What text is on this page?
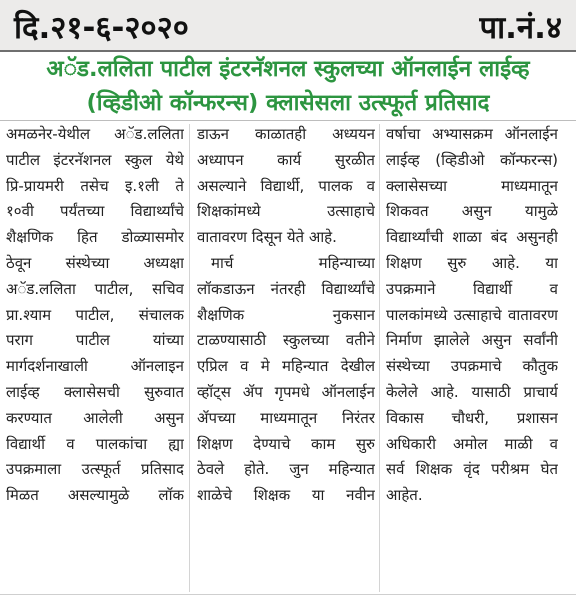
दि.२१-६-२०२०	पा.नं.४
अॅड.ललिता पाटील इंटरनॅशनल स्कुलच्या ऑनलाईन लाईव्ह
(व्हिडीओ कॉन्फरन्स) क्लासेसला उत्स्फूर्त प्रतिसाद
अमळनेर-येथील अॅड.ललिता
पाटील इंटरनॅशनल स्कुल येथे
प्रि-प्रायमरी तसेच इ.१ली ते
१०वी पर्यंतच्या विद्यार्थ्यांचे
शैक्षणिक हित डोळ्यासमोर
ठेवून संस्थेच्या अध्यक्षा
अॅड.ललिता पाटील, सचिव
प्रा.श्याम पाटील, संचालक
पराग पाटील यांच्या
मार्गदर्शनाखाली ऑनलाइन
लाईव्ह क्लासेसची सुरुवात
करण्यात आलेली असुन
विद्यार्थी व पालकांचा ह्या
उपक्रमाला उत्स्फूर्त प्रतिसाद
मिळत असल्यामुळे लॉक
डाऊन काळातही अध्ययन
अध्यापन कार्य सुरळीत
असल्याने विद्यार्थी, पालक व
शिक्षकांमध्ये उत्साहाचे
वातावरण दिसून येते आहे.
मार्च महिन्याच्या
लॉकडाऊन नंतरही विद्यार्थ्यांचे
शैक्षणिक नुकसान
टाळण्यासाठी स्कुलच्या वतीने
एप्रिल व मे महिन्यात देखील
व्हॉट्स ॲप गृपमधे ऑनलाईन
ॲपच्या माध्यमातून निरंतर
शिक्षण देण्याचे काम सुरु
ठेवले होते. जुन महिन्यात
शाळेचे शिक्षक या नवीन
वर्षाचा अभ्यासक्रम ऑनलाईन
लाईव्ह (व्हिडीओ कॉन्फरन्स)
क्लासेसच्या माध्यमातून
शिकवत असुन यामुळे
विद्यार्थ्यांची शाळा बंद असुनही
शिक्षण सुरु आहे. या
उपक्रमाने विद्यार्थी व
पालकांमध्ये उत्साहाचे वातावरण
निर्माण झालेले असुन सर्वांनी
संस्थेच्या उपक्रमाचे कौतुक
केलेले आहे. यासाठी प्राचार्य
विकास चौधरी, प्रशासन
अधिकारी अमोल माळी व
सर्व शिक्षक वृंद परीश्रम घेत
आहेत.
